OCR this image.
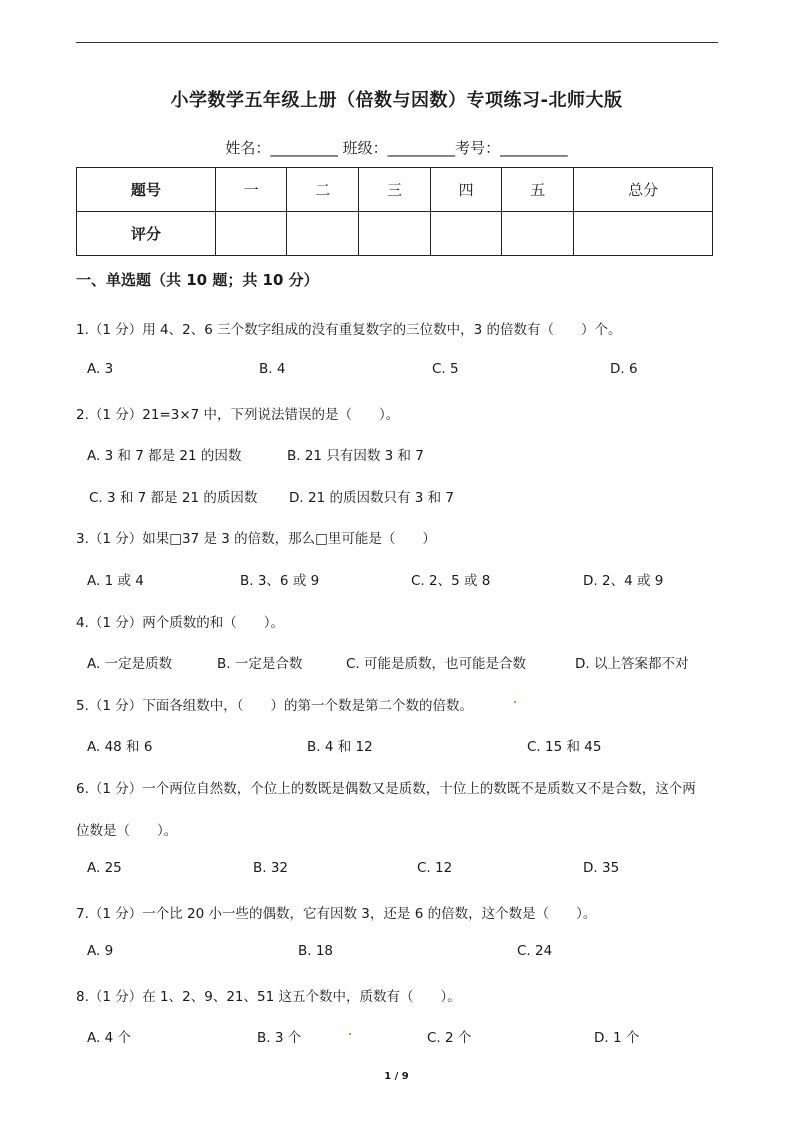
小学数学五年级上册（倍数与因数）专项练习-北师大版
姓名：_________ 班级：_________考号：_________
题号	一	二	三	四	五	总分
评分						
一、单选题（共 10 题；共 10 分）
1.（1 分）用 4、2、6 三个数字组成的没有重复数字的三位数中，3 的倍数有（　　）个。
A. 3	B. 4	C. 5	D. 6
2.（1 分）21=3×7 中，下列说法错误的是（　　）。
A. 3 和 7 都是 21 的因数	B. 21 只有因数 3 和 7
C. 3 和 7 都是 21 的质因数 D. 21 的质因数只有 3 和 7
3.（1 分）如果□37 是 3 的倍数，那么□里可能是（　　）
A. 1 或 4	B. 3、6 或 9	C. 2、5 或 8	D. 2、4 或 9
4.（1 分）两个质数的和（　　）。
A. 一定是质数	B. 一定是合数	C. 可能是质数，也可能是合数	D. 以上答案都不对
5.（1 分）下面各组数中，（　　）的第一个数是第二个数的倍数。
A. 48 和 6	B. 4 和 12	C. 15 和 45
6.（1 分）一个两位自然数，个位上的数既是偶数又是质数，十位上的数既不是质数又不是合数，这个两
位数是（　　）。
A. 25	B. 32	C. 12	D. 35
7.（1 分）一个比 20 小一些的偶数，它有因数 3，还是 6 的倍数，这个数是（　　）。
A. 9	B. 18	C. 24
8.（1 分）在 1、2、9、21、51 这五个数中，质数有（　　）。
A. 4 个	B. 3 个	C. 2 个	D. 1 个
1 / 9
